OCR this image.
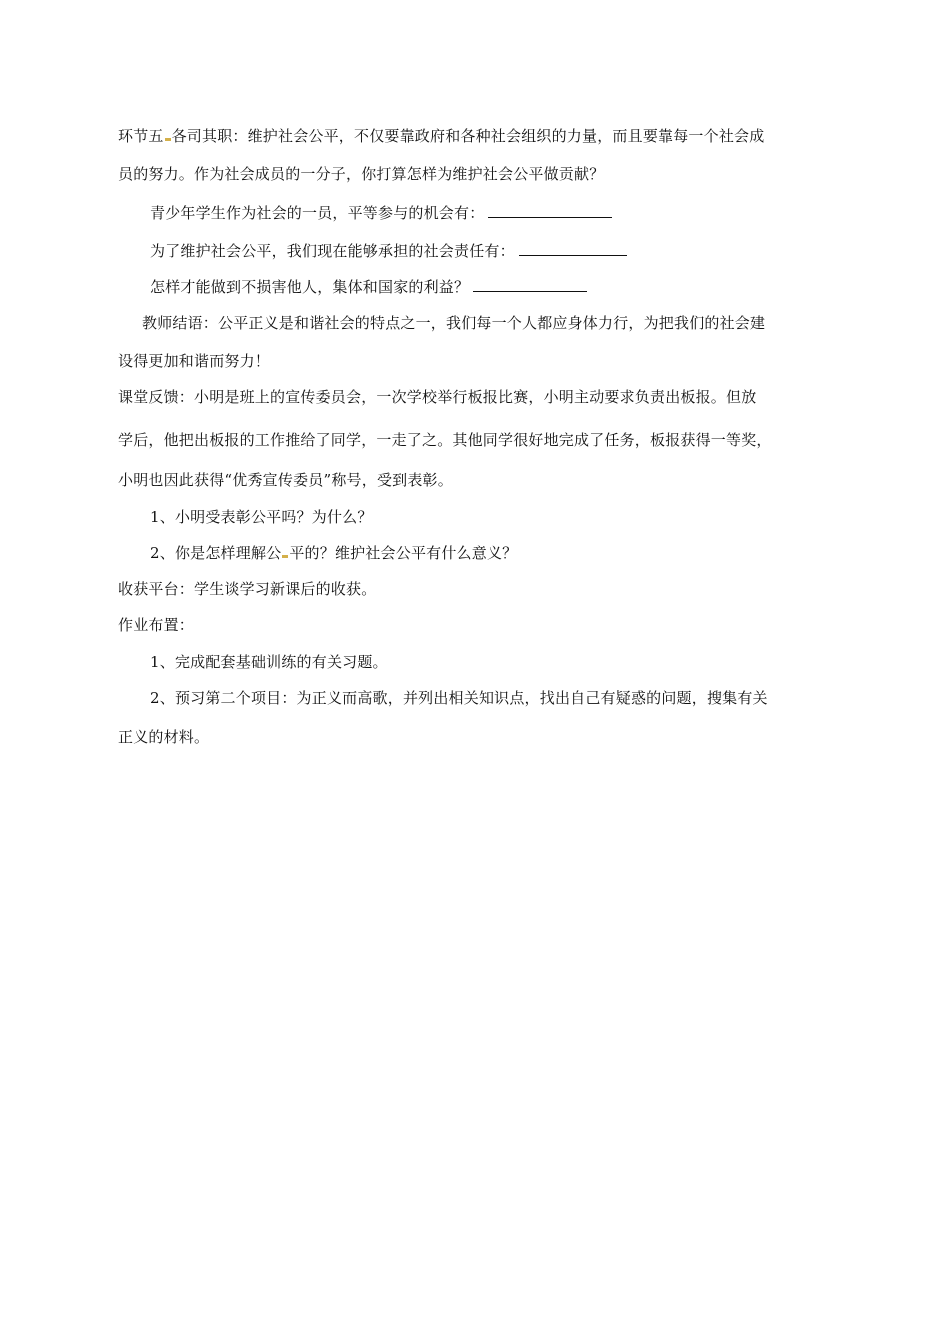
环节五 各司其职：维护社会公平，不仅要靠政府和各种社会组织的力量，而且要靠每一个社会成
员的努力。作为社会成员的一分子，你打算怎样为维护社会公平做贡献？
青少年学生作为社会的一员，平等参与的机会有：
为了维护社会公平，我们现在能够承担的社会责任有：
怎样才能做到不损害他人，集体和国家的利益？
教师结语：公平正义是和谐社会的特点之一，我们每一个人都应身体力行，为把我们的社会建
设得更加和谐而努力！
课堂反馈：小明是班上的宣传委员会，一次学校举行板报比赛，小明主动要求负责出板报。但放
学后，他把出板报的工作推给了同学，一走了之。其他同学很好地完成了任务，板报获得一等奖，
小明也因此获得“优秀宣传委员”称号，受到表彰。
1、小明受表彰公平吗？为什么？
2、你是怎样理解公 平的？维护社会公平有什么意义？
收获平台：学生谈学习新课后的收获。
作业布置：
1、完成配套基础训练的有关习题。
2、预习第二个项目：为正义而高歌，并列出相关知识点，找出自己有疑惑的问题，搜集有关
正义的材料。
